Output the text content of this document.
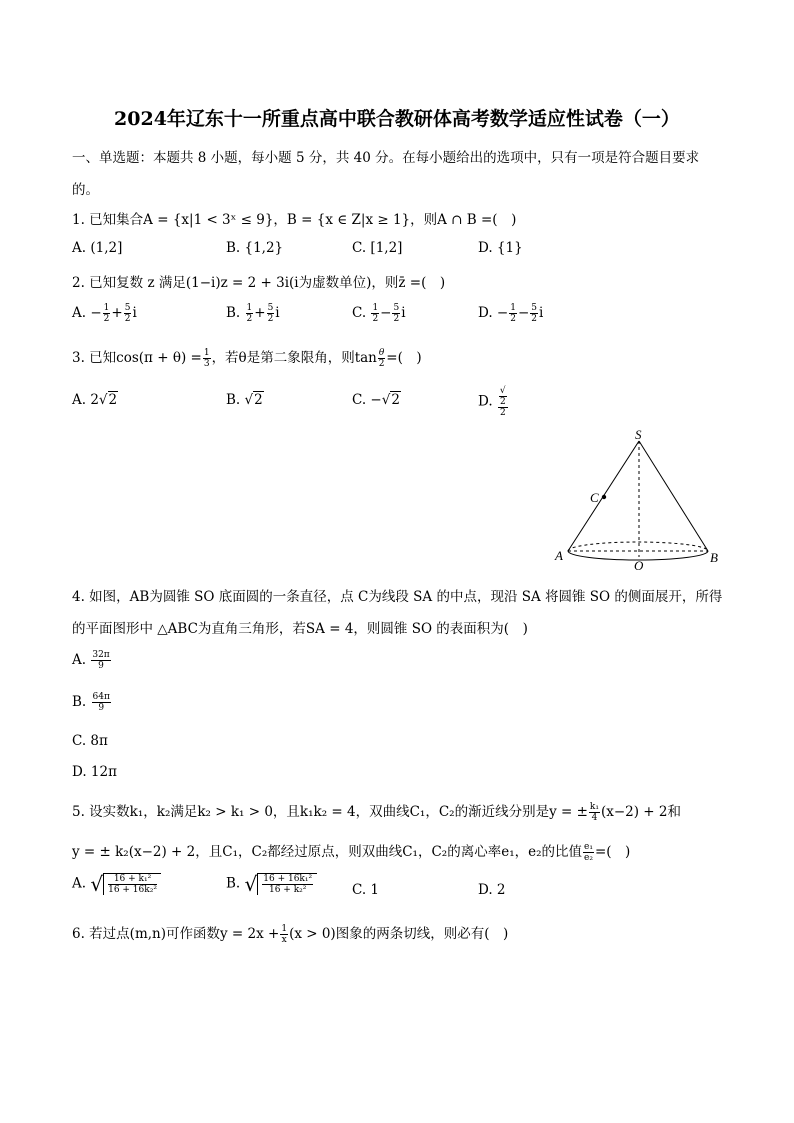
2024年辽东十一所重点高中联合教研体高考数学适应性试卷（一）
一、单选题：本题共 8 小题，每小题 5 分，共 40 分。在每小题给出的选项中，只有一项是符合题目要求
的。
1. 已知集合A = {x|1 < 3ˣ ≤ 9}，B = {x ∈ Z|x ≥ 1}，则A ∩ B =(　)
A. (1,2]	B. {1,2}	C. [1,2]	D. {1}
2. 已知复数 z 满足(1−i)z = 2 + 3i(i为虚数单位)，则z̄ =(　)
A. − $\frac{1}{2} + \frac{5}{2}$ i	B. $\frac{1}{2} + \frac{5}{2}$ i	C. $\frac{1}{2} - \frac{5}{2}$ i	D. − $\frac{1}{2} - \frac{5}{2}$ i
3. 已知$\cos(\pi + \theta) = \frac{1}{3}$ ，若θ是第二象限角，则$\tan \frac{\theta}{2}$ =(　)
A. 2√2	B. √2	C. −√2	D. √
2
2
S
C
A	B
O
4. 如图，AB为圆锥 SO 底面圆的一条直径，点 C为线段 SA 的中点，现沿 SA 将圆锥 SO 的侧面展开，所得
的平面图形中 △ABC为直角三角形，若SA = 4，则圆锥 SO 的表面积为(　)
A. $\frac{32\pi}{9}$
B. $\frac{64\pi}{9}$
C. 8π
D. 12π
5. 设实数k₁，k₂满足k₂ > k₁ > 0，且k₁k₂ = 4，双曲线C₁，C₂的渐近线分别是y = ± $\frac{\text{k₁}}{4} (x-2) + 2$和
y = ± k₂(x−2) + 2，且C₁，C₂都经过原点，则双曲线C₁，C₂的离心率e₁，e₂的比值 $\frac{\text{e₁}}{\text{e₂}}$ =(　)
A. √ $\frac{\text{16 + k₁²}}{\text{16 + 16k₂²}}$	B. √ $\frac{\text{16 + 16k₁²}}{\text{16 + k₂²}}$	C. 1	D. 2
6. 若过点(m,n)可作函数$y = 2x + \frac{1}{x} (x > 0)$图象的两条切线，则必有(　)
